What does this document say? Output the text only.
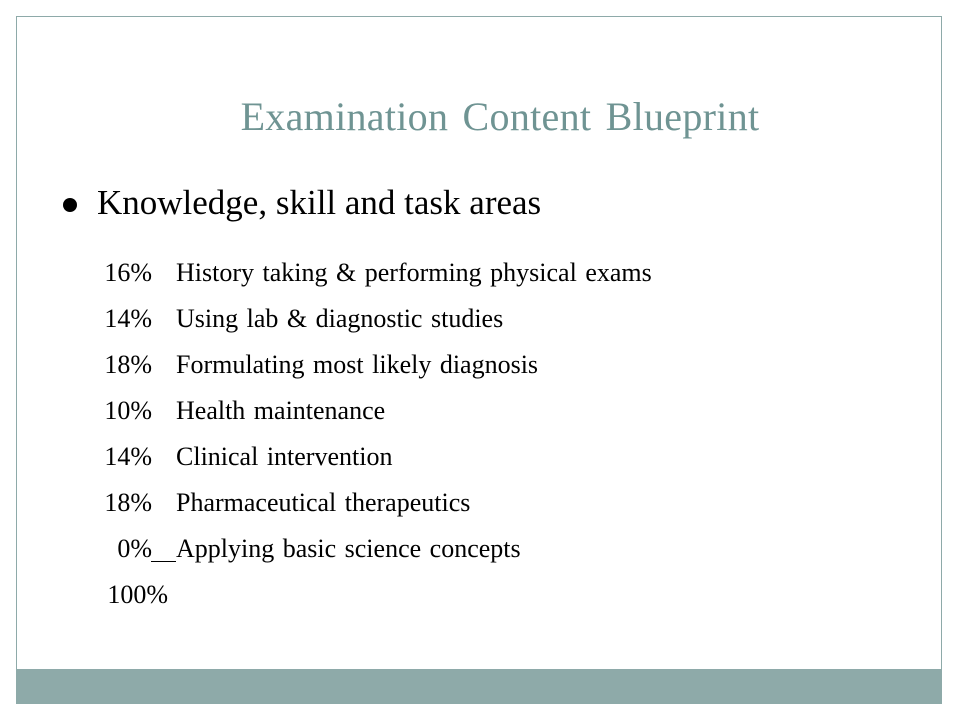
Examination Content Blueprint
Knowledge, skill and task areas
16% History taking & performing physical exams
14% Using lab & diagnostic studies
18% Formulating most likely diagnosis
10% Health maintenance
14% Clinical intervention
18% Pharmaceutical therapeutics
0% Applying basic science concepts
100%
